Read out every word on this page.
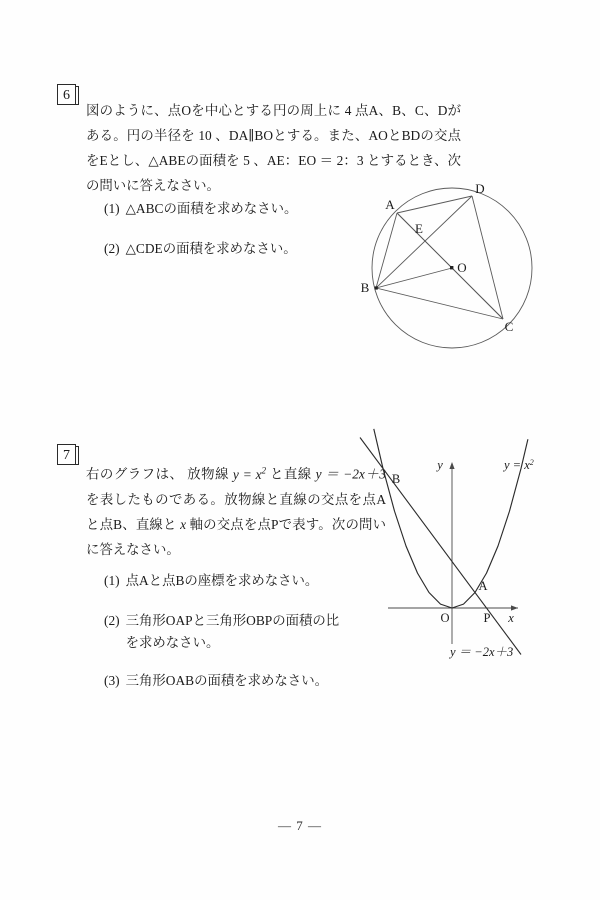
6

図のように、点Oを中心とする円の周上に 4 点A、B、C、Dがある。円の半径を 10 、DA∥BOとする。また、AOとBDの交点をEとし、△ABEの面積を 5 、AE：EO ＝ 2：3 とするとき、次の問いに答えなさい。

(1) △ABCの面積を求めなさい。
(2) △CDEの面積を求めなさい。
A
D
B
C
E
O
7

右のグラフは、 放物線 $y = x^2$ と直線 y ＝ −2x＋3 を表したものである。放物線と直線の交点を点Aと点B、直線と x 軸の交点を点Pで表す。次の問いに答えなさい。

(1) 点Aと点Bの座標を求めなさい。
(2) 三角形OAPと三角形OBPの面積の比を求めなさい。
(3) 三角形OABの面積を求めなさい。
y
x
O	P
A
B
$y = x^2$
y ＝ −2x＋3
— 7 —
